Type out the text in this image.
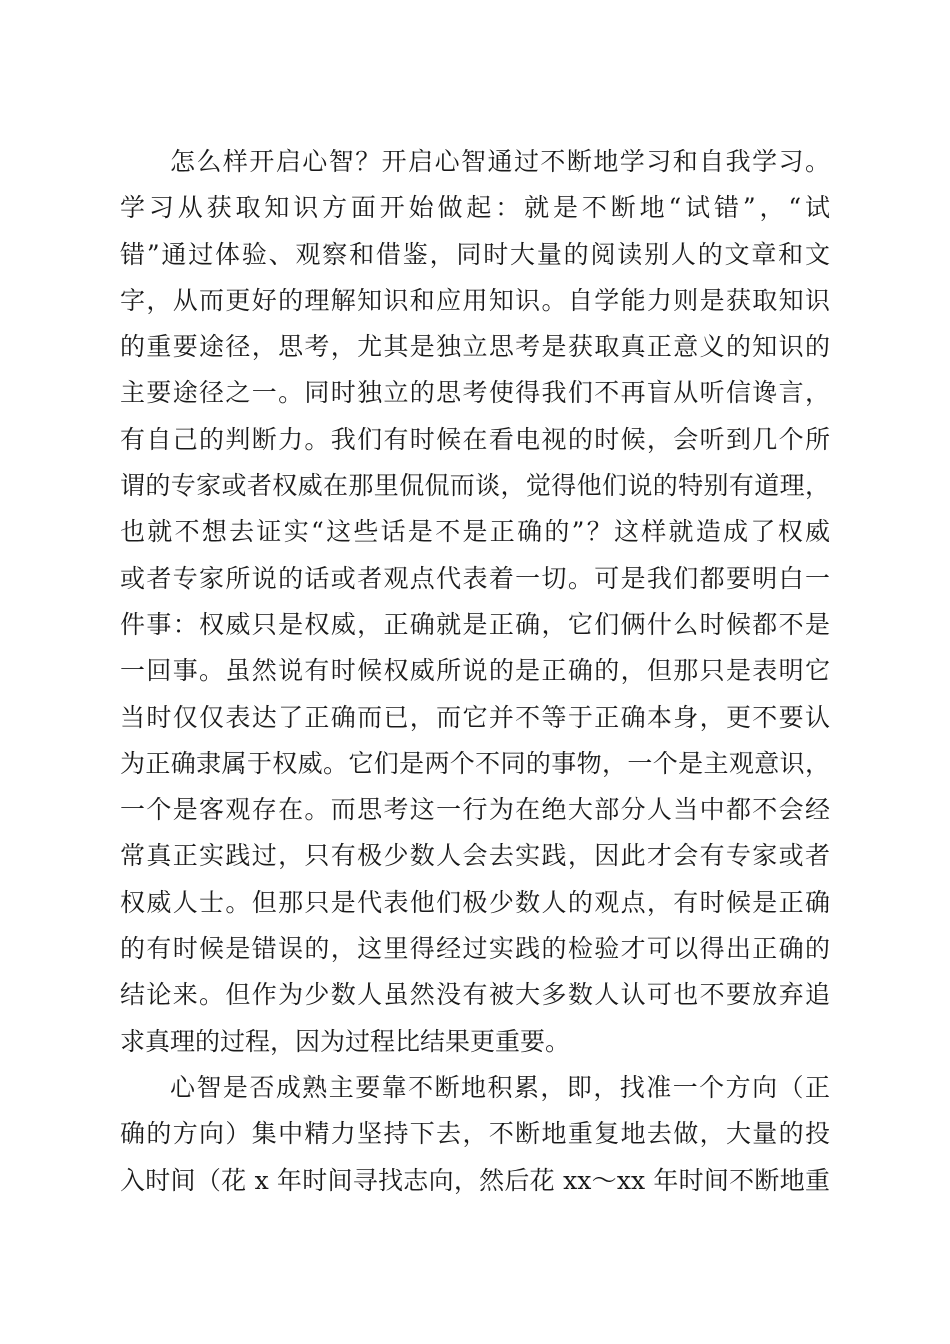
怎么样开启心智？开启心智通过不断地学习和自我学习。
学习从获取知识方面开始做起：就是不断地“试错”，“试
错”通过体验、观察和借鉴，同时大量的阅读别人的文章和文
字，从而更好的理解知识和应用知识。自学能力则是获取知识
的重要途径，思考，尤其是独立思考是获取真正意义的知识的
主要途径之一。同时独立的思考使得我们不再盲从听信谗言，
有自己的判断力。我们有时候在看电视的时候，会听到几个所
谓的专家或者权威在那里侃侃而谈，觉得他们说的特别有道理，
也就不想去证实“这些话是不是正确的”？这样就造成了权威
或者专家所说的话或者观点代表着一切。可是我们都要明白一
件事：权威只是权威，正确就是正确，它们俩什么时候都不是
一回事。虽然说有时候权威所说的是正确的，但那只是表明它
当时仅仅表达了正确而已，而它并不等于正确本身，更不要认
为正确隶属于权威。它们是两个不同的事物，一个是主观意识，
一个是客观存在。而思考这一行为在绝大部分人当中都不会经
常真正实践过，只有极少数人会去实践，因此才会有专家或者
权威人士。但那只是代表他们极少数人的观点，有时候是正确
的有时候是错误的，这里得经过实践的检验才可以得出正确的
结论来。但作为少数人虽然没有被大多数人认可也不要放弃追
求真理的过程，因为过程比结果更重要。
心智是否成熟主要靠不断地积累，即，找准一个方向（正
确的方向）集中精力坚持下去，不断地重复地去做，大量的投
入时间（花 x 年时间寻找志向，然后花 xx～xx 年时间不断地重
